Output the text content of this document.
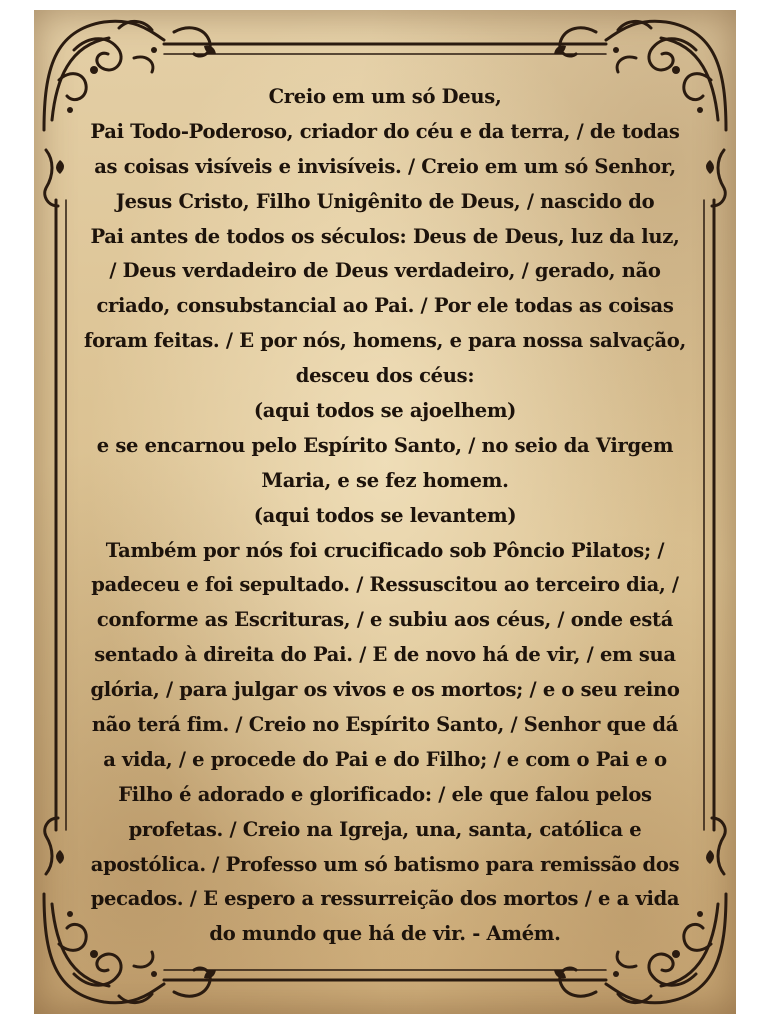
Creio em um só Deus,
Pai Todo-Poderoso, criador do céu e da terra, / de todas
as coisas visíveis e invisíveis. / Creio em um só Senhor,
Jesus Cristo, Filho Unigênito de Deus, / nascido do
Pai antes de todos os séculos: Deus de Deus, luz da luz,
/ Deus verdadeiro de Deus verdadeiro, / gerado, não
criado, consubstancial ao Pai. / Por ele todas as coisas
foram feitas. / E por nós, homens, e para nossa salvação,
desceu dos céus:
(aqui todos se ajoelhem)
e se encarnou pelo Espírito Santo, / no seio da Virgem
Maria, e se fez homem.
(aqui todos se levantem)
Também por nós foi crucificado sob Pôncio Pilatos; /
padeceu e foi sepultado. / Ressuscitou ao terceiro dia, /
conforme as Escrituras, / e subiu aos céus, / onde está
sentado à direita do Pai. / E de novo há de vir, / em sua
glória, / para julgar os vivos e os mortos; / e o seu reino
não terá fim. / Creio no Espírito Santo, / Senhor que dá
a vida, / e procede do Pai e do Filho; / e com o Pai e o
Filho é adorado e glorificado: / ele que falou pelos
profetas. / Creio na Igreja, una, santa, católica e
apostólica. / Professo um só batismo para remissão dos
pecados. / E espero a ressurreição dos mortos / e a vida
do mundo que há de vir. - Amém.
